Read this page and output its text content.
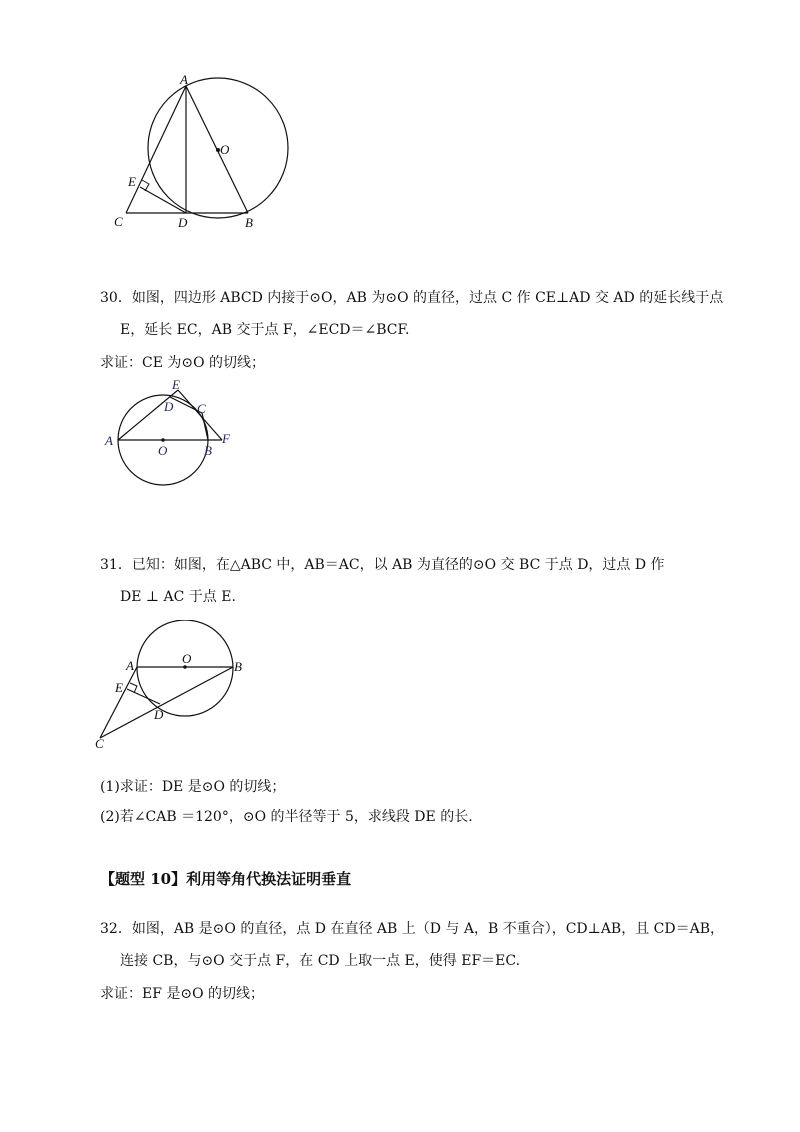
A
O
E
C	D	B
30．如图，四边形 ABCD 内接于⊙O，AB 为⊙O 的直径，过点 C 作 CE⊥AD 交 AD 的延长线于点
E，延长 EC，AB 交于点 F，∠ECD＝∠BCF.
求证：CE 为⊙O 的切线；
E
D C
A
O	B
F
31．已知：如图，在△ABC 中，AB＝AC，以 AB 为直径的⊙O 交 BC 于点 D，过点 D 作
DE ⊥ AC 于点 E.
A	O
B
E
D
C
(1)求证：DE 是⊙O 的切线；
(2)若∠CAB ＝120°，⊙O 的半径等于 5，求线段 DE 的长.
【题型 10】利用等角代换法证明垂直
32．如图，AB 是⊙O 的直径，点 D 在直径 AB 上（D 与 A，B 不重合），CD⊥AB，且 CD＝AB，
连接 CB，与⊙O 交于点 F，在 CD 上取一点 E，使得 EF＝EC.
求证：EF 是⊙O 的切线；
